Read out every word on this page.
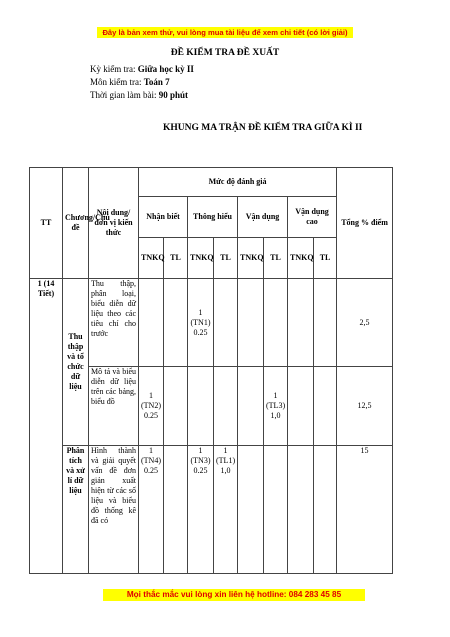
Đây là bản xem thử, vui lòng mua tài liệu để xem chi tiết (có lời giải)
ĐỀ KIỂM TRA ĐỀ XUẤT
Kỳ kiểm tra: Giữa học kỳ II
Môn kiểm tra: Toán 7
Thời gian làm bài: 90 phút
KHUNG MA TRẬN ĐỀ KIỂM TRA GIỮA KÌ II
TT	Chương/Chủ đề	Nội dung/đơn vị kiến thức	Mức độ đánh giá								Tổng % điểm
			Nhận biết		Thông hiểu		Vận dụng		Vận dụng cao		
			TNKQ	TL	TNKQ	TL	TNKQ	TL	TNKQ	TL	
1 (14 Tiết)	Thu thập và tổ chức dữ liệu	Thu thập, phân loại, biểu diễn dữ liệu theo các tiêu chí cho trước			1 (TN1) 0.25						2,5
		Mô tả và biểu diễn dữ liệu trên các bảng, biểu đồ	1 (TN2) 0.25					1 (TL3) 1,0			12,5
	Phân tích và xử lí dữ liệu	Hình thành và giải quyết vấn đề đơn giản xuất hiện từ các số liệu và biểu đồ thống kê đã có	1 (TN4) 0.25		1 (TN3) 0.25	1 (TL1) 1,0					15
Mọi thắc mắc vui lòng xin liên hệ hotline: 084 283 45 85
